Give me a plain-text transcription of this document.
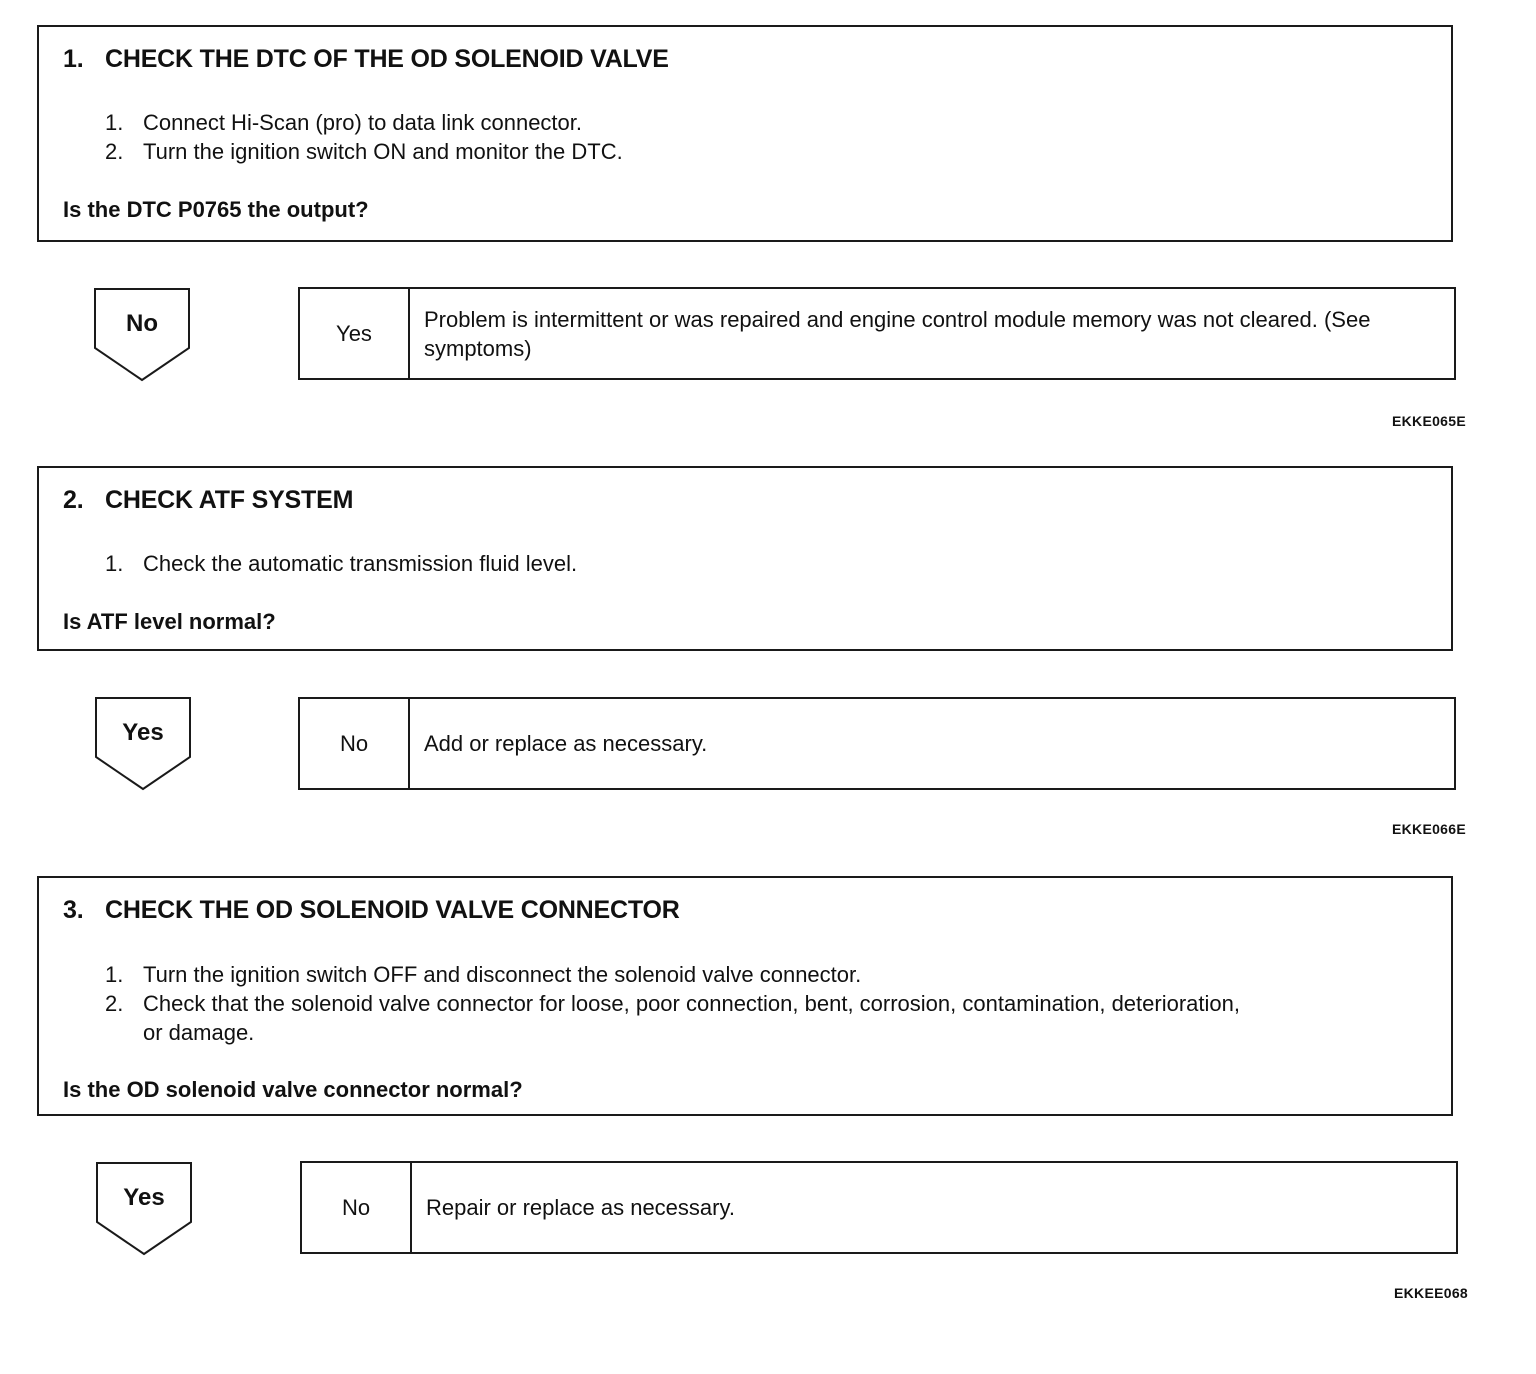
1. CHECK THE DTC OF THE OD SOLENOID VALVE
1. Connect Hi-Scan (pro) to data link connector.
2. Turn the ignition switch ON and monitor the DTC.
Is the DTC P0765 the output?
No	Yes
Problem is intermittent or was repaired and engine control module memory was not cleared. (See symptoms)
EKKE065E
2. CHECK ATF SYSTEM
1. Check the automatic transmission fluid level.
Is ATF level normal?
Yes	No	Add or replace as necessary.
EKKE066E
3. CHECK THE OD SOLENOID VALVE CONNECTOR
1. Turn the ignition switch OFF and disconnect the solenoid valve connector.
2. Check that the solenoid valve connector for loose, poor connection, bent, corrosion, contamination, deterioration, or damage.
Is the OD solenoid valve connector normal?
Yes	No	Repair or replace as necessary.
EKKEE068
